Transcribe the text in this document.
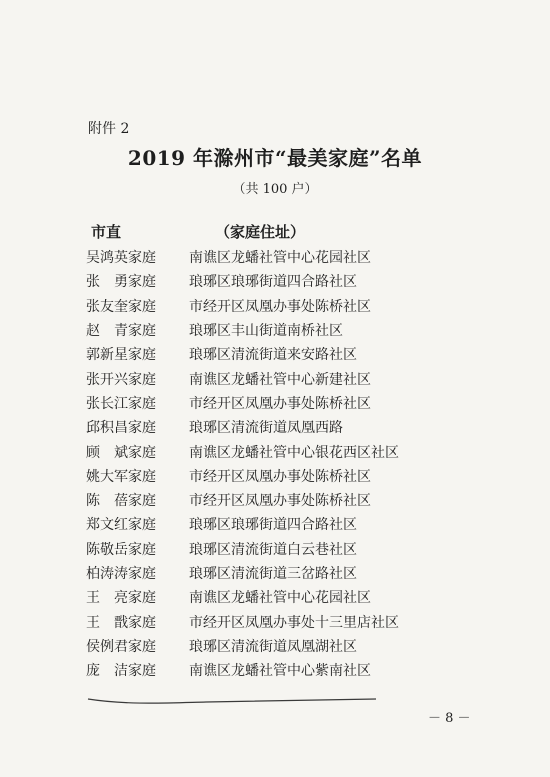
附件 2
2019 年滁州市“最美家庭”名单
（共 100 户）
市直	（家庭住址）
吴鸿英家庭	南谯区龙蟠社管中心花园社区
张　勇家庭	琅琊区琅琊街道四合路社区
张友奎家庭	市经开区凤凰办事处陈桥社区
赵　青家庭	琅琊区丰山街道南桥社区
郭新星家庭	琅琊区清流街道来安路社区
张开兴家庭	南谯区龙蟠社管中心新建社区
张长江家庭	市经开区凤凰办事处陈桥社区
邱积昌家庭	琅琊区清流街道凤凰西路
顾　斌家庭	南谯区龙蟠社管中心银花西区社区
姚大军家庭	市经开区凤凰办事处陈桥社区
陈　蓓家庭	市经开区凤凰办事处陈桥社区
郑文红家庭	琅琊区琅琊街道四合路社区
陈敬岳家庭	琅琊区清流街道白云巷社区
柏涛涛家庭	琅琊区清流街道三岔路社区
王　亮家庭	南谯区龙蟠社管中心花园社区
王　戬家庭	市经开区凤凰办事处十三里店社区
侯例君家庭	琅琊区清流街道凤凰湖社区
庞　洁家庭	南谯区龙蟠社管中心紫南社区
－ 8 －
